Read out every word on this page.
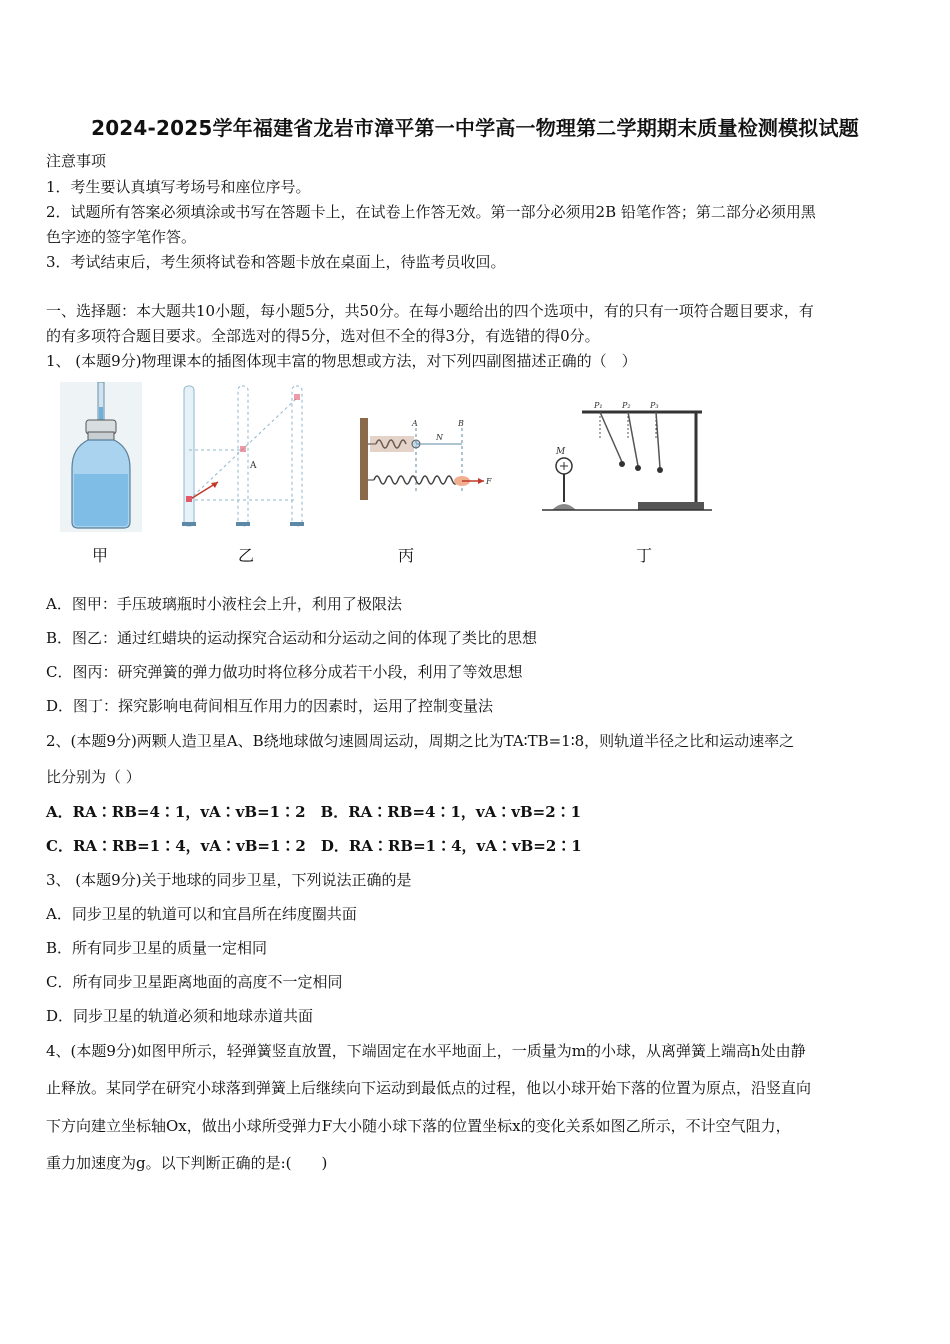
2024-2025学年福建省龙岩市漳平第一中学高一物理第二学期期末质量检测模拟试题
注意事项
1．考生要认真填写考场号和座位序号。
2．试题所有答案必须填涂或书写在答题卡上，在试卷上作答无效。第一部分必须用2B 铅笔作答；第二部分必须用黑
色字迹的签字笔作答。
3．考试结束后，考生须将试卷和答题卡放在桌面上，待监考员收回。
一、选择题：本大题共10小题，每小题5分，共50分。在每小题给出的四个选项中，有的只有一项符合题目要求，有
的有多项符合题目要求。全部选对的得5分，选对但不全的得3分，有选错的得0分。
1、 (本题9分)物理课本的插图体现丰富的物思想或方法，对下列四副图描述正确的（　）
A
A	B
N
F
P₁ P₂ P₃
M
甲	乙	丙	丁
A．图甲：手压玻璃瓶时小液柱会上升，利用了极限法
B．图乙：通过红蜡块的运动探究合运动和分运动之间的体现了类比的思想
C．图丙：研究弹簧的弹力做功时将位移分成若干小段，利用了等效思想
D．图丁：探究影响电荷间相互作用力的因素时，运用了控制变量法
2、(本题9分)两颗人造卫星A、B绕地球做匀速圆周运动，周期之比为TA∶TB=1∶8，则轨道半径之比和运动速率之
比分别为（ ）
A．RA∶RB=4∶1，vA∶vB=1∶2　B．RA∶RB=4∶1，vA∶vB=2∶1
C．RA∶RB=1∶4，vA∶vB=1∶2　D．RA∶RB=1∶4，vA∶vB=2∶1
3、 (本题9分)关于地球的同步卫星，下列说法正确的是
A．同步卫星的轨道可以和宜昌所在纬度圈共面
B．所有同步卫星的质量一定相同
C．所有同步卫星距离地面的高度不一定相同
D．同步卫星的轨道必须和地球赤道共面
4、(本题9分)如图甲所示，轻弹簧竖直放置，下端固定在水平地面上，一质量为m的小球，从离弹簧上端高h处由静
止释放。某同学在研究小球落到弹簧上后继续向下运动到最低点的过程，他以小球开始下落的位置为原点，沿竖直向
下方向建立坐标轴Ox，做出小球所受弹力F大小随小球下落的位置坐标x的变化关系如图乙所示，不计空气阻力，
重力加速度为g。以下判断正确的是:(　　)
